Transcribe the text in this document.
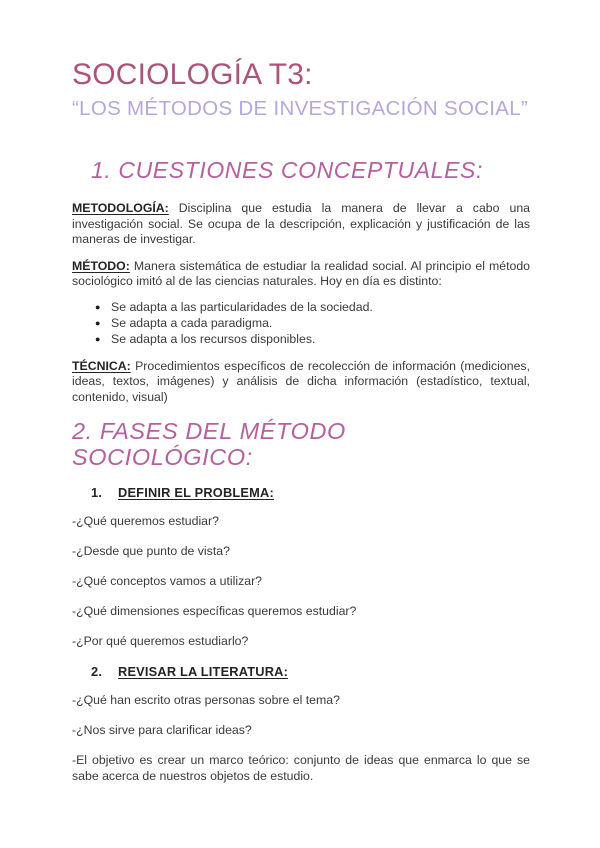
SOCIOLOGÍA T3:
“LOS MÉTODOS DE INVESTIGACIÓN SOCIAL”
1. CUESTIONES CONCEPTUALES:

METODOLOGÍA: Disciplina que estudia la manera de llevar a cabo una investigación social. Se ocupa de la descripción, explicación y justificación de las maneras de investigar.

MÉTODO: Manera sistemática de estudiar la realidad social. Al principio el método sociológico imitó al de las ciencias naturales. Hoy en día es distinto:

● Se adapta a las particularidades de la sociedad.
● Se adapta a cada paradigma.
● Se adapta a los recursos disponibles.

TÉCNICA: Procedimientos específicos de recolección de información (mediciones, ideas, textos, imágenes) y análisis de dicha información (estadístico, textual, contenido, visual)

2. FASES DEL MÉTODO SOCIOLÓGICO:
1. DEFINIR EL PROBLEMA:

-¿Qué queremos estudiar?

-¿Desde que punto de vista?

-¿Qué conceptos vamos a utilizar?

-¿Qué dimensiones específicas queremos estudiar?

-¿Por qué queremos estudiarlo?

2. REVISAR LA LITERATURA:

-¿Qué han escrito otras personas sobre el tema?

-¿Nos sirve para clarificar ideas?

-El objetivo es crear un marco teórico: conjunto de ideas que enmarca lo que se sabe acerca de nuestros objetos de estudio.
